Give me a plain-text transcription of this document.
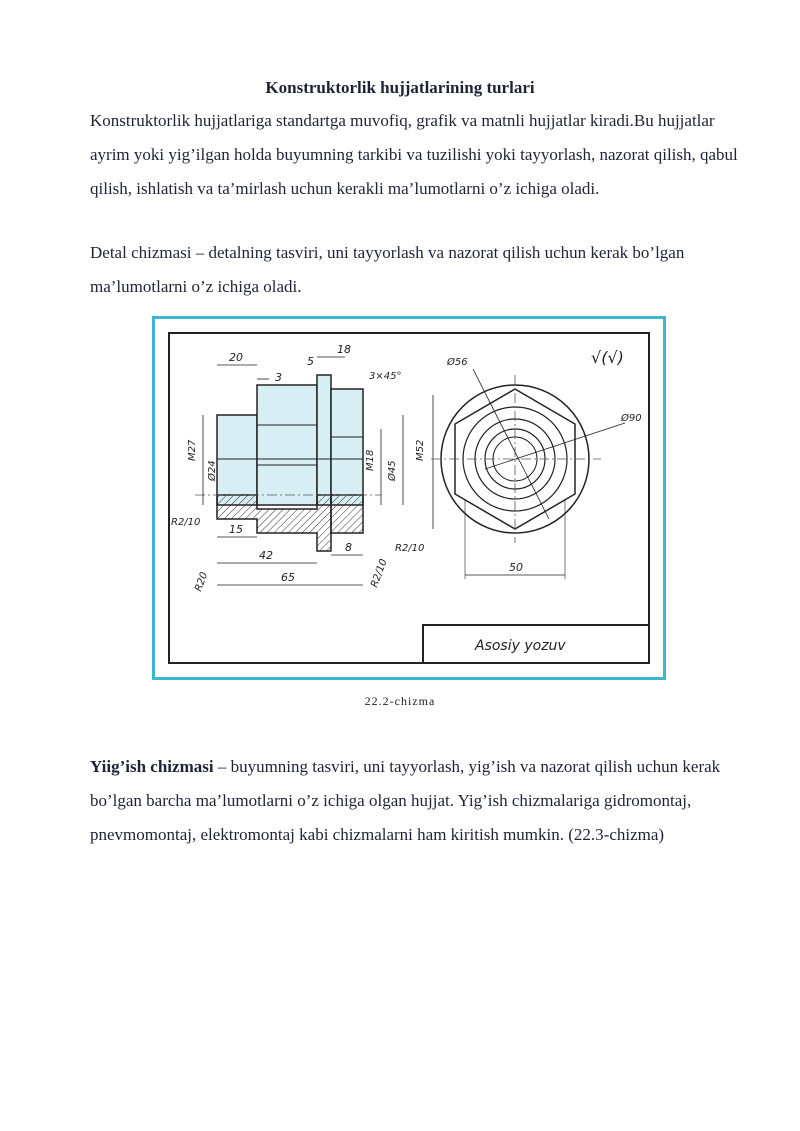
Konstruktorlik hujjatlarining turlari
Konstruktorlik hujjatlariga standartga muvofiq, grafik va matnli hujjatlar kiradi.Bu hujjatlar ayrim yoki yig’ilgan holda buyumning tarkibi va tuzilishi yoki tayyorlash, nazorat qilish, qabul qilish, ishlatish va ta’mirlash uchun kerakli ma’lumotlarni o’z ichiga oladi.
Detal chizmasi – detalning tasviri, uni tayyorlash va nazorat qilish uchun kerak bo’lgan ma’lumotlarni o’z ichiga oladi.
Asosiy yozuv
20
3
5
18
3×45°
M27
Ø24
15
42
65
8
M18 Ø45
M52
R2/10
R20	R2/10
R2/10
√(√)
Ø56
Ø90
50
22.2-chizma
Yiig’ish chizmasi – buyumning tasviri, uni tayyorlash, yig’ish va nazorat qilish uchun kerak bo’lgan barcha ma’lumotlarni o’z ichiga olgan hujjat. Yig’ish chizmalariga gidromontaj, pnevmomontaj, elektromontaj kabi chizmalarni ham kiritish mumkin. (22.3-chizma)
